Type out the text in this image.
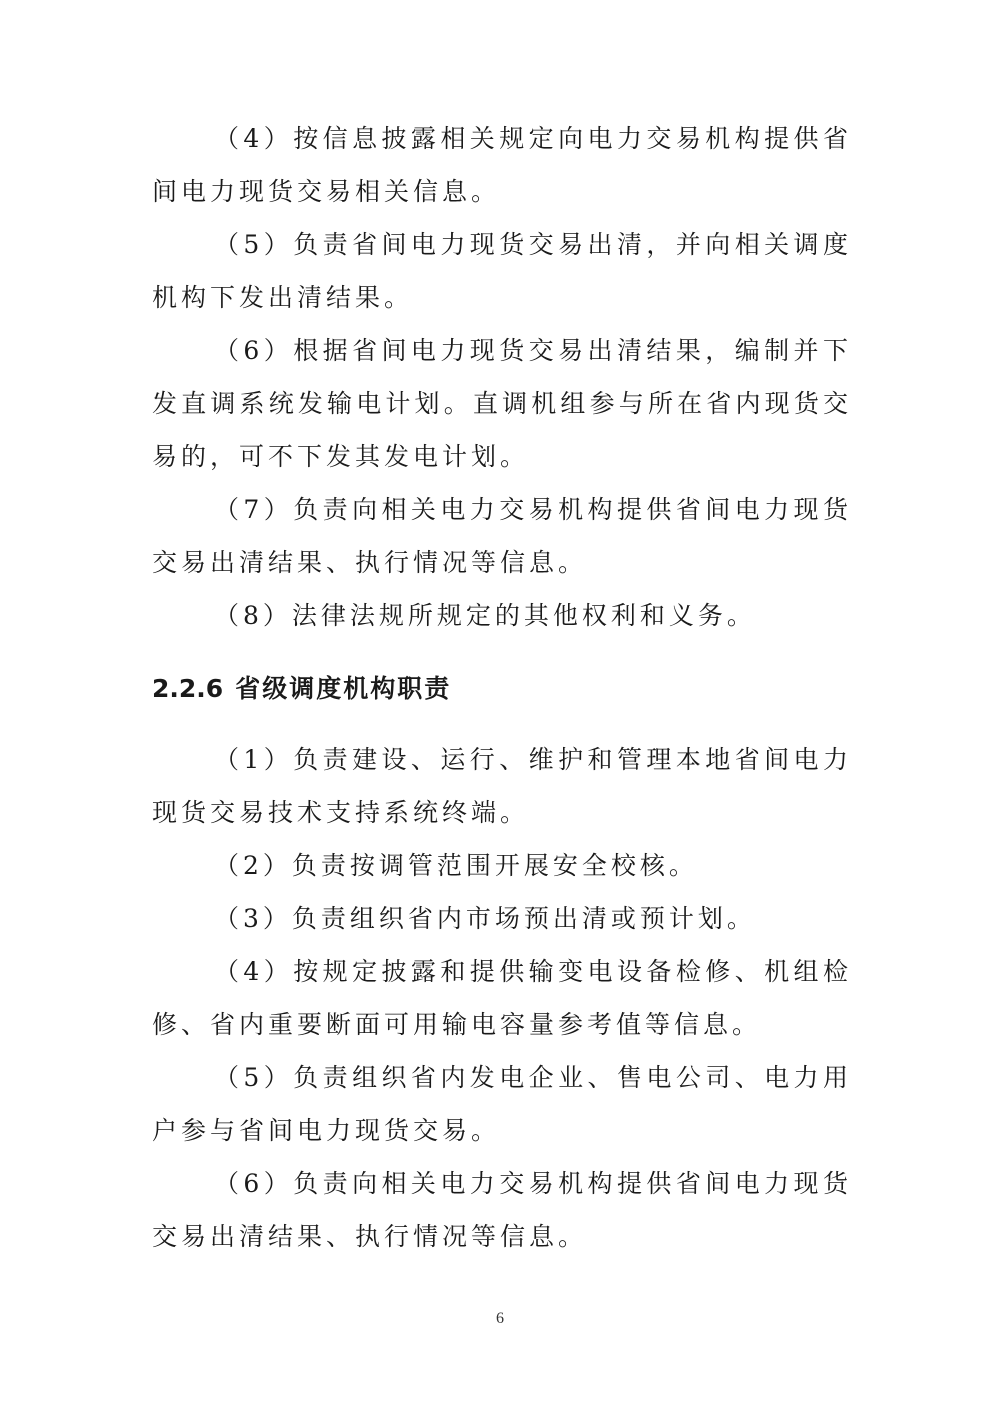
（4）按信息披露相关规定向电力交易机构提供省间电力现货交易相关信息。

（5）负责省间电力现货交易出清，并向相关调度机构下发出清结果。

（6）根据省间电力现货交易出清结果，编制并下发直调系统发输电计划。直调机组参与所在省内现货交易的，可不下发其发电计划。

（7）负责向相关电力交易机构提供省间电力现货交易出清结果、执行情况等信息。

（8）法律法规所规定的其他权利和义务。

2.2.6 省级调度机构职责

（1）负责建设、运行、维护和管理本地省间电力现货交易技术支持系统终端。

（2）负责按调管范围开展安全校核。

（3）负责组织省内市场预出清或预计划。

（4）按规定披露和提供输变电设备检修、机组检修、省内重要断面可用输电容量参考值等信息。

（5）负责组织省内发电企业、售电公司、电力用户参与省间电力现货交易。

（6）负责向相关电力交易机构提供省间电力现货交易出清结果、执行情况等信息。

6
